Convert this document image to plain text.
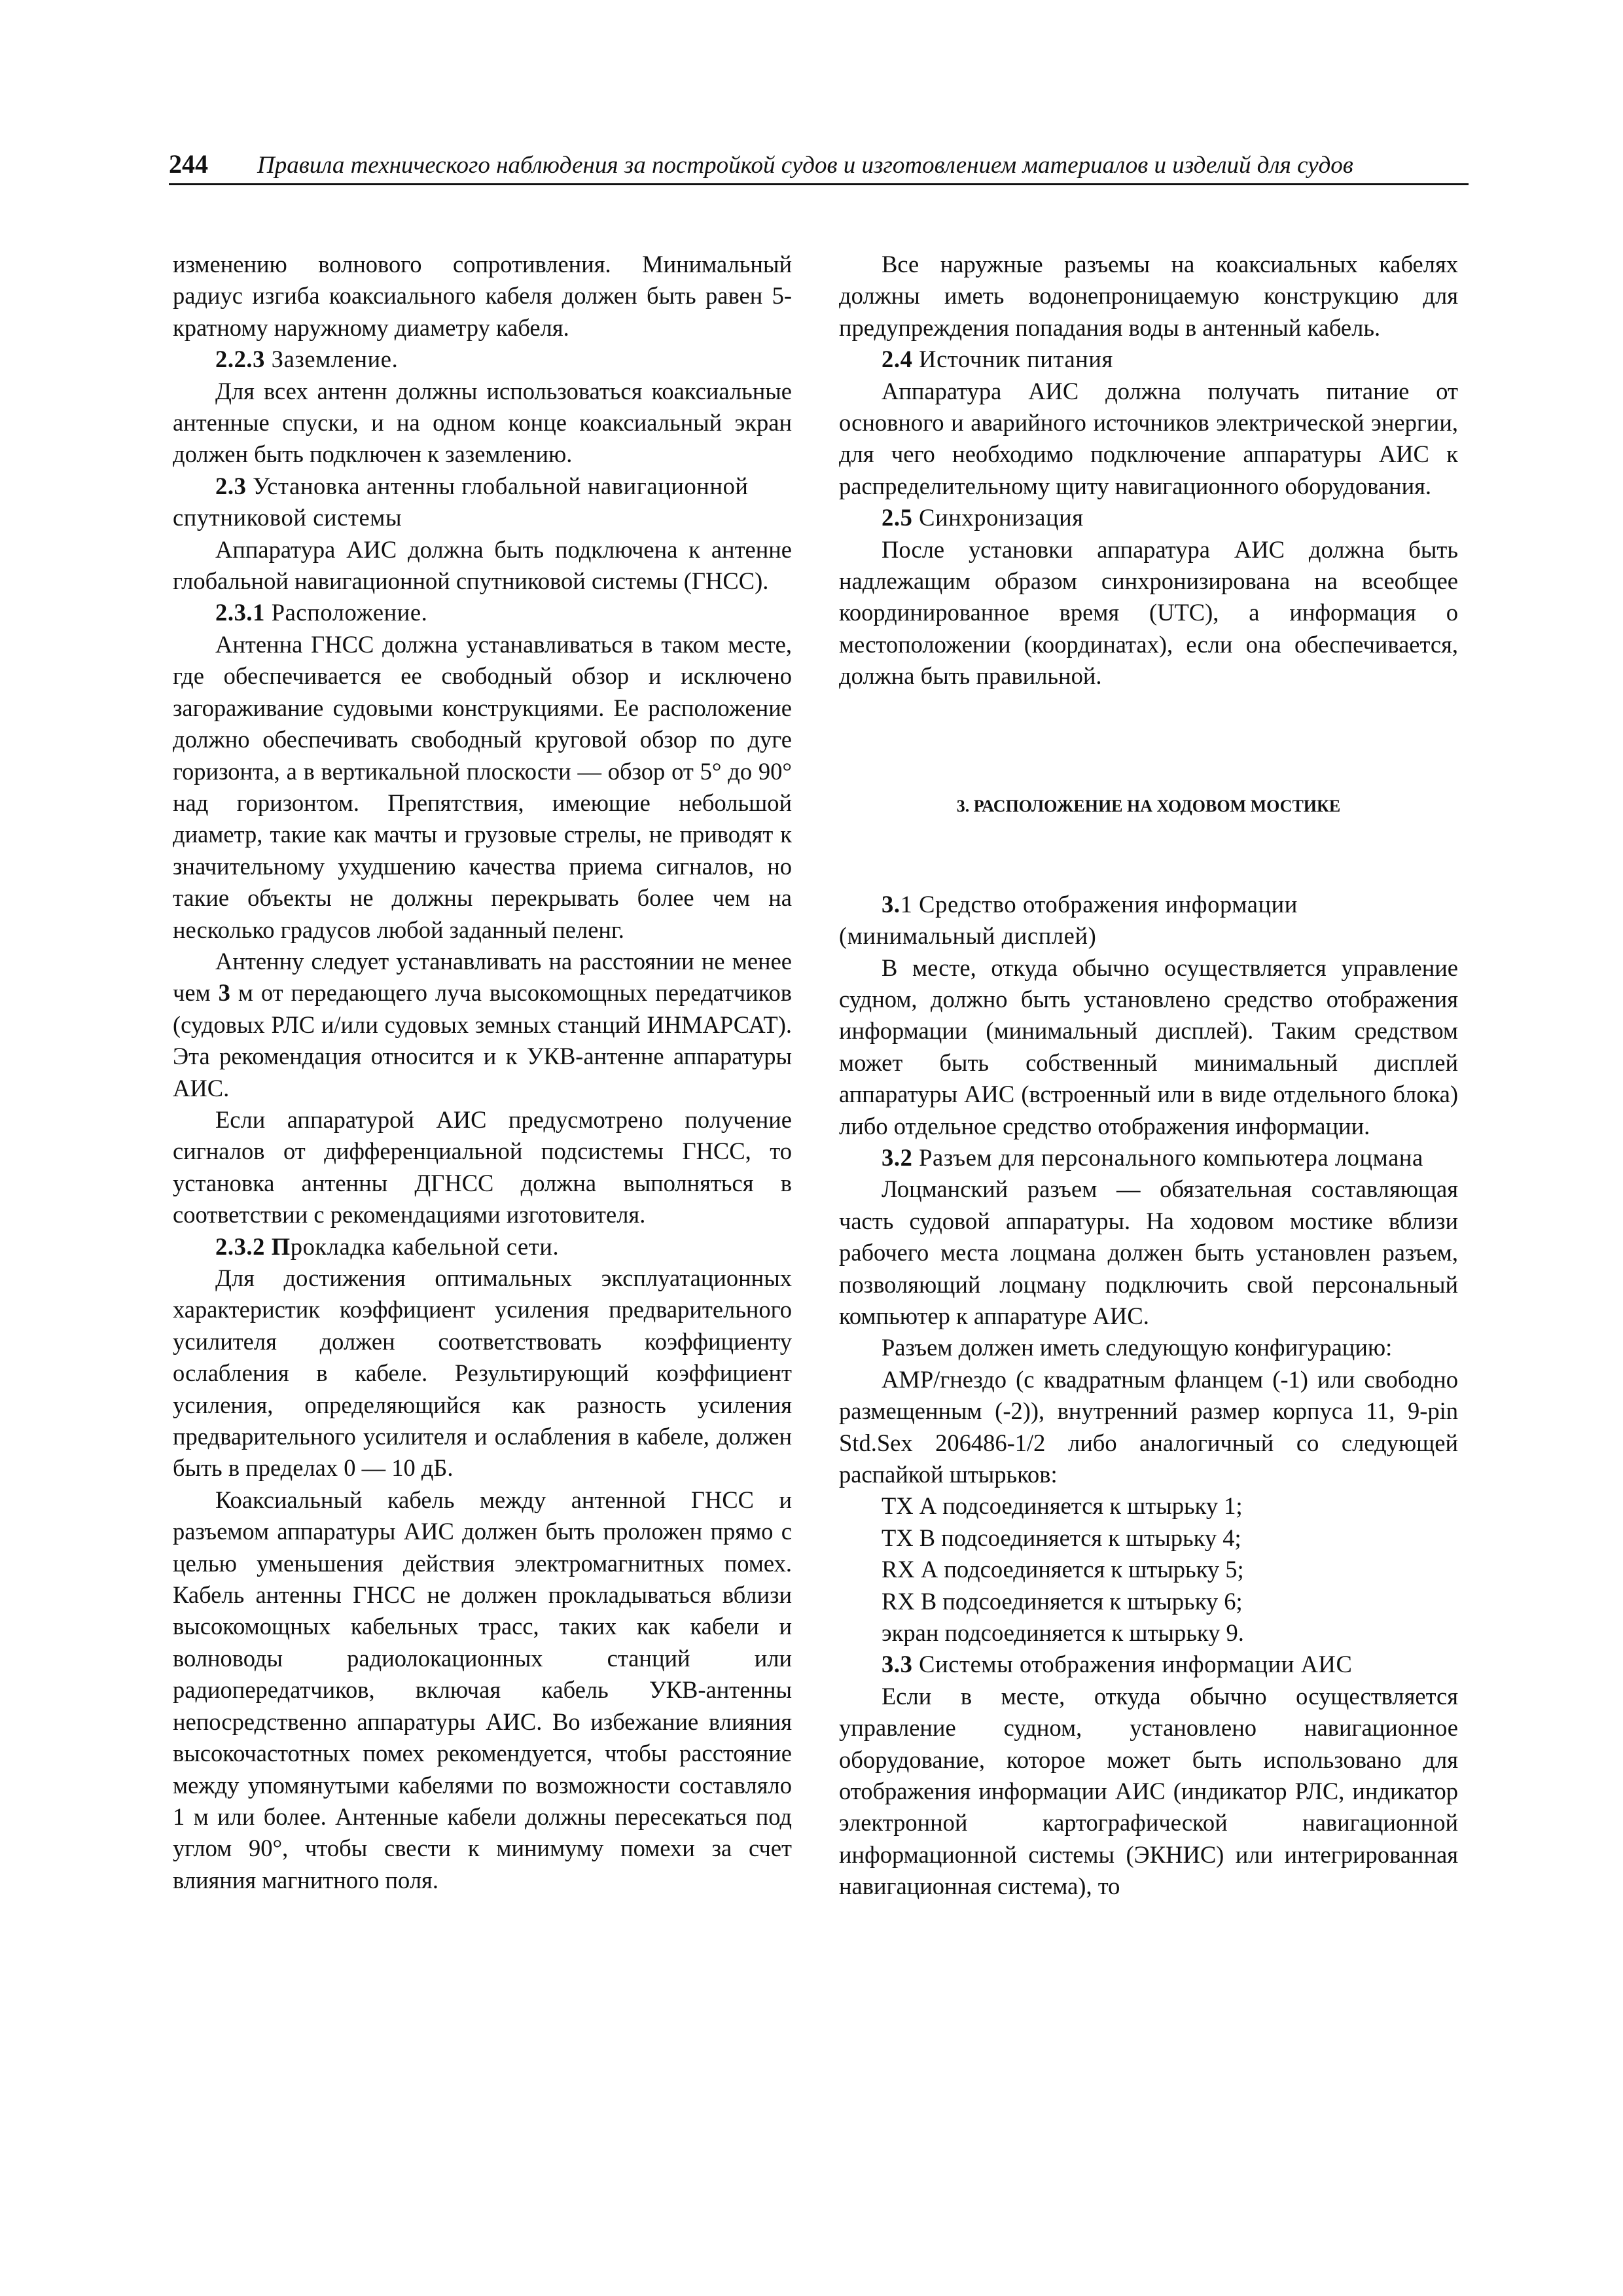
244 Правила технического наблюдения за постройкой судов и изготовлением материалов и изделий для судов

изменению волнового сопротивления. Минимальный радиус изгиба коаксиального кабеля должен быть равен 5-кратному наружному диаметру кабеля.

2.2.3 Заземление.

Для всех антенн должны использоваться коаксиальные антенные спуски, и на одном конце коаксиальный экран должен быть подключен к заземлению.

2.3 Установка антенны глобальной навигационной спутниковой системы

Аппаратура АИС должна быть подключена к антенне глобальной навигационной спутниковой системы (ГНСС).

2.3.1 Расположение.

Антенна ГНСС должна устанавливаться в таком месте, где обеспечивается ее свободный обзор и исключено загораживание судовыми конструкциями. Ее расположение должно обеспечивать свободный круговой обзор по дуге горизонта, а в вертикальной плоскости — обзор от 5° до 90° над горизонтом. Препятствия, имеющие небольшой диаметр, такие как мачты и грузовые стрелы, не приводят к значительному ухудшению качества приема сигналов, но такие объекты не должны перекрывать более чем на несколько градусов любой заданный пеленг.

Антенну следует устанавливать на расстоянии не менее чем 3 м от передающего луча высокомощных передатчиков (судовых РЛС и/или судовых земных станций ИНМАРСАТ). Эта рекомендация относится и к УКВ-антенне аппаратуры АИС.

Если аппаратурой АИС предусмотрено получение сигналов от дифференциальной подсистемы ГНСС, то установка антенны ДГНСС должна выполняться в соответствии с рекомендациями изготовителя.

2.3.2 Прокладка кабельной сети.

Для достижения оптимальных эксплуатационных характеристик коэффициент усиления предварительного усилителя должен соответствовать коэффициенту ослабления в кабеле. Результирующий коэффициент усиления, определяющийся как разность усиления предварительного усилителя и ослабления в кабеле, должен быть в пределах 0 — 10 дБ.

Коаксиальный кабель между антенной ГНСС и разъемом аппаратуры АИС должен быть проложен прямо с целью уменьшения действия электромагнитных помех. Кабель антенны ГНСС не должен прокладываться вблизи высокомощных кабельных трасс, таких как кабели и волноводы радиолокационных станций или радиопередатчиков, включая кабель УКВ-антенны непосредственно аппаратуры АИС. Во избежание влияния высокочастотных помех рекомендуется, чтобы расстояние между упомянутыми кабелями по возможности составляло 1 м или более. Антенные кабели должны пересекаться под углом 90°, чтобы свести к минимуму помехи за счет влияния магнитного поля.

Все наружные разъемы на коаксиальных кабелях должны иметь водонепроницаемую конструкцию для предупреждения попадания воды в антенный кабель.

2.4 Источник питания

Аппаратура АИС должна получать питание от основного и аварийного источников электрической энергии, для чего необходимо подключение аппаратуры АИС к распределительному щиту навигационного оборудования.

2.5 Синхронизация

После установки аппаратура АИС должна быть надлежащим образом синхронизирована на всеобщее координированное время (UTC), а информация о местоположении (координатах), если она обеспечивается, должна быть правильной.

3. РАСПОЛОЖЕНИЕ НА ХОДОВОМ МОСТИКЕ
3.1 Средство отображения информации (минимальный дисплей)

В месте, откуда обычно осуществляется управление судном, должно быть установлено средство отображения информации (минимальный дисплей). Таким средством может быть собственный минимальный дисплей аппаратуры АИС (встроенный или в виде отдельного блока) либо отдельное средство отображения информации.

3.2 Разъем для персонального компьютера лоцмана

Лоцманский разъем — обязательная составляющая часть судовой аппаратуры. На ходовом мостике вблизи рабочего места лоцмана должен быть установлен разъем, позволяющий лоцману подключить свой персональный компьютер к аппаратуре АИС.

Разъем должен иметь следующую конфигурацию:

АМР/гнездо (с квадратным фланцем (-1) или свободно размещенным (-2)), внутренний размер корпуса 11, 9-pin Std.Sex 206486-1/2 либо аналогичный со следующей распайкой штырьков:

ТХ А подсоединяется к штырьку 1;

ТХ В подсоединяется к штырьку 4;

RX А подсоединяется к штырьку 5;

RX В подсоединяется к штырьку 6;

экран подсоединяется к штырьку 9.

3.3 Системы отображения информации АИС

Если в месте, откуда обычно осуществляется управление судном, установлено навигационное оборудование, которое может быть использовано для отображения информации АИС (индикатор РЛС, индикатор электронной картографической навигационной информационной системы (ЭКНИС) или интегрированная навигационная система), то
